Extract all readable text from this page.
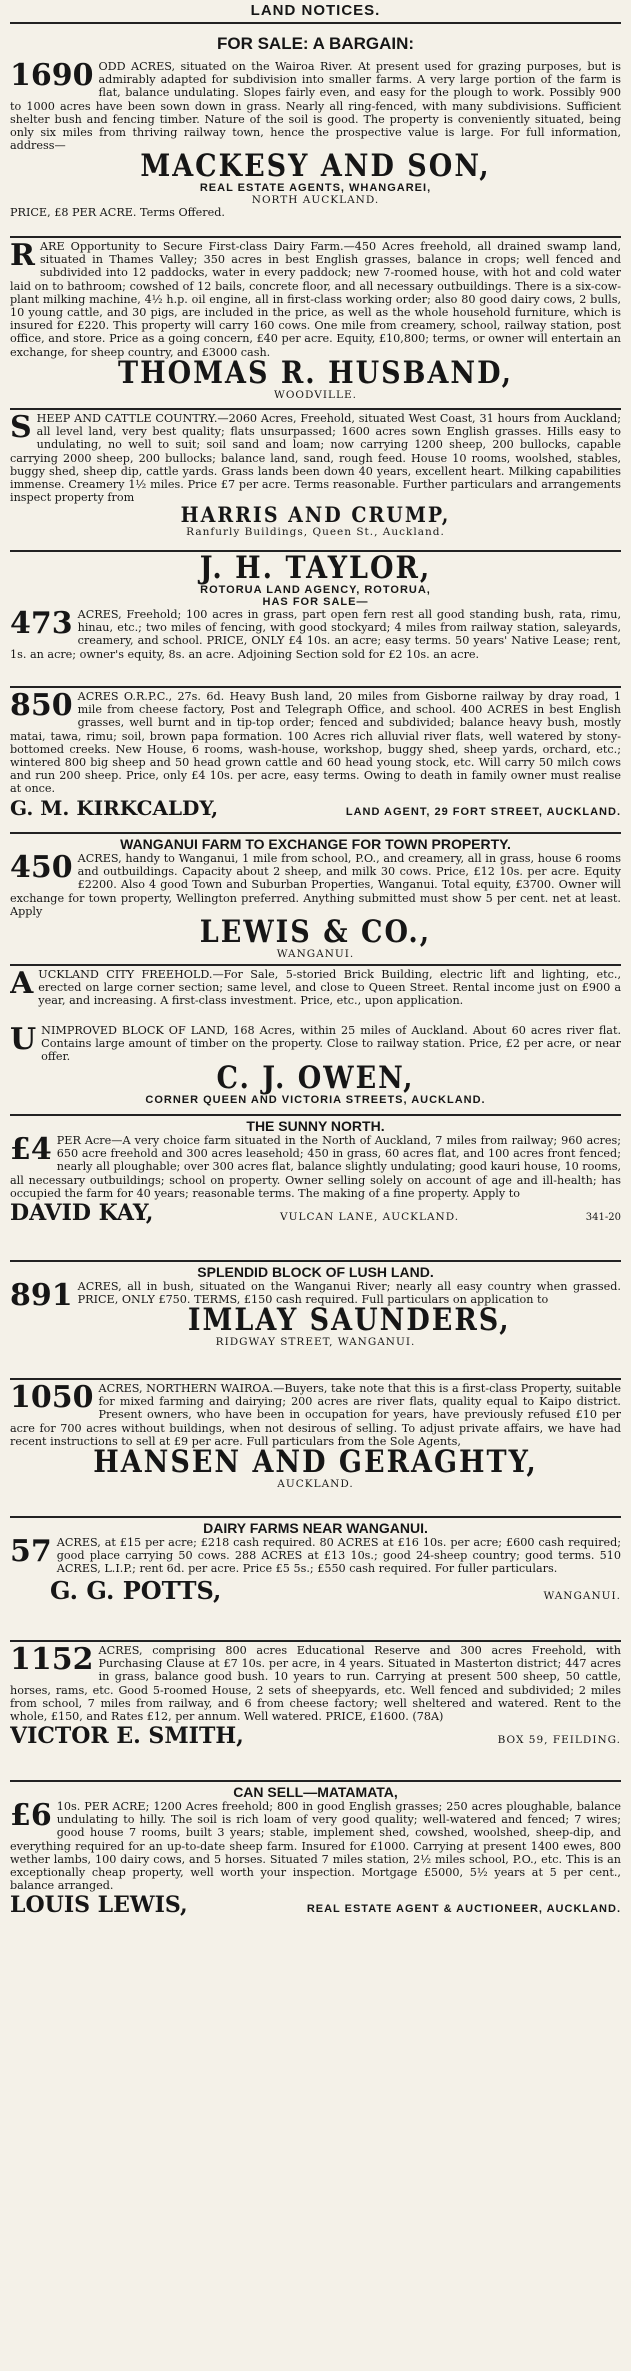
LAND NOTICES.
FOR SALE: A BARGAIN:

1690 ODD ACRES, situated on the Wairoa River. At present used for grazing purposes, but is admirably adapted for subdivision into smaller farms. A very large portion of the farm is flat, balance undulating. Slopes fairly even, and easy for the plough to work. Possibly 900 to 1000 acres have been sown down in grass. Nearly all ring-fenced, with many subdivisions. Sufficient shelter bush and fencing timber. Nature of the soil is good. The property is conveniently situated, being only six miles from thriving railway town, hence the prospective value is large. For full information, address—

MACKESY AND SON,
REAL ESTATE AGENTS, WHANGAREI,
NORTH AUCKLAND.

PRICE, £8 PER ACRE. Terms Offered.

RARE Opportunity to Secure First-class Dairy Farm.—450 Acres freehold, all drained swamp land, situated in Thames Valley; 350 acres in best English grasses, balance in crops; well fenced and subdivided into 12 paddocks, water in every paddock; new 7-roomed house, with hot and cold water laid on to bathroom; cowshed of 12 bails, concrete floor, and all necessary outbuildings. There is a six-cow-plant milking machine, 4½ h.p. oil engine, all in first-class working order; also 80 good dairy cows, 2 bulls, 10 young cattle, and 30 pigs, are included in the price, as well as the whole household furniture, which is insured for £220. This property will carry 160 cows. One mile from creamery, school, railway station, post office, and store. Price as a going concern, £40 per acre. Equity, £10,800; terms, or owner will entertain an exchange, for sheep country, and £3000 cash.

THOMAS R. HUSBAND,
WOODVILLE.

SHEEP AND CATTLE COUNTRY.—2060 Acres, Freehold, situated West Coast, 31 hours from Auckland; all level land, very best quality; flats unsurpassed; 1600 acres sown English grasses. Hills easy to undulating, no well to suit; soil sand and loam; now carrying 1200 sheep, 200 bullocks, capable carrying 2000 sheep, 200 bullocks; balance land, sand, rough feed. House 10 rooms, woolshed, stables, buggy shed, sheep dip, cattle yards. Grass lands been down 40 years, excellent heart. Milking capabilities immense. Creamery 1½ miles. Price £7 per acre. Terms reasonable. Further particulars and arrangements inspect property from

HARRIS AND CRUMP,
Ranfurly Buildings, Queen St., Auckland.
J. H. TAYLOR,
ROTORUA LAND AGENCY, ROTORUA,
HAS FOR SALE—

473 ACRES, Freehold; 100 acres in grass, part open fern rest all good standing bush, rata, rimu, hinau, etc.; two miles of fencing, with good stockyard; 4 miles from railway station, saleyards, creamery, and school. PRICE, ONLY £4 10s. an acre; easy terms. 50 years' Native Lease; rent, 1s. an acre; owner's equity, 8s. an acre. Adjoining Section sold for £2 10s. an acre.

850 ACRES O.R.P.C., 27s. 6d. Heavy Bush land, 20 miles from Gisborne railway by dray road, 1 mile from cheese factory, Post and Telegraph Office, and school. 400 ACRES in best English grasses, well burnt and in tip-top order; fenced and subdivided; balance heavy bush, mostly matai, tawa, rimu; soil, brown papa formation. 100 Acres rich alluvial river flats, well watered by stony-bottomed creeks. New House, 6 rooms, wash-house, workshop, buggy shed, sheep yards, orchard, etc.; wintered 800 big sheep and 50 head grown cattle and 60 head young stock, etc. Will carry 50 milch cows and run 200 sheep. Price, only £4 10s. per acre, easy terms. Owing to death in family owner must realise at once.

G. M. KIRKCALDY,	LAND AGENT, 29 FORT STREET, AUCKLAND.
WANGANUI FARM TO EXCHANGE FOR TOWN PROPERTY.

450 ACRES, handy to Wanganui, 1 mile from school, P.O., and creamery, all in grass, house 6 rooms and outbuildings. Capacity about 2 sheep, and milk 30 cows. Price, £12 10s. per acre. Equity £2200. Also 4 good Town and Suburban Properties, Wanganui. Total equity, £3700. Owner will exchange for town property, Wellington preferred. Anything submitted must show 5 per cent. net at least. Apply

LEWIS & CO.,
WANGANUI.

AUCKLAND CITY FREEHOLD.—For Sale, 5-storied Brick Building, electric lift and lighting, etc., erected on large corner section; same level, and close to Queen Street. Rental income just on £900 a year, and increasing. A first-class investment. Price, etc., upon application.

UNIMPROVED BLOCK OF LAND, 168 Acres, within 25 miles of Auckland. About 60 acres river flat. Contains large amount of timber on the property. Close to railway station. Price, £2 per acre, or near offer.

C. J. OWEN,
CORNER QUEEN AND VICTORIA STREETS, AUCKLAND.
THE SUNNY NORTH.

£4 PER Acre—A very choice farm situated in the North of Auckland, 7 miles from railway; 960 acres; 650 acre freehold and 300 acres leasehold; 450 in grass, 60 acres flat, and 100 acres front fenced; nearly all ploughable; over 300 acres flat, balance slightly undulating; good kauri house, 10 rooms, all necessary outbuildings; school on property. Owner selling solely on account of age and ill-health; has occupied the farm for 40 years; reasonable terms. The making of a fine property. Apply to

DAVID KAY,	VULCAN LANE, AUCKLAND.	341-20
SPLENDID BLOCK OF LUSH LAND.

891 ACRES, all in bush, situated on the Wanganui River; nearly all easy country when grassed. PRICE, ONLY £750. TERMS, £150 cash required. Full particulars on application to

IMLAY SAUNDERS,
RIDGWAY STREET, WANGANUI.

1050 ACRES, NORTHERN WAIROA.—Buyers, take note that this is a first-class Property, suitable for mixed farming and dairying; 200 acres are river flats, quality equal to Kaipo district. Present owners, who have been in occupation for years, have previously refused £10 per acre for 700 acres without buildings, when not desirous of selling. To adjust private affairs, we have had recent instructions to sell at £9 per acre. Full particulars from the Sole Agents,

HANSEN AND GERAGHTY,
AUCKLAND.
DAIRY FARMS NEAR WANGANUI.

57 ACRES, at £15 per acre; £218 cash required. 80 ACRES at £16 10s. per acre; £600 cash required; good place carrying 50 cows. 288 ACRES at £13 10s.; good 24-sheep country; good terms. 510 ACRES, L.I.P.; rent 6d. per acre. Price £5 5s.; £550 cash required. For fuller particulars.

G. G. POTTS,	WANGANUI.

1152 ACRES, comprising 800 acres Educational Reserve and 300 acres Freehold, with Purchasing Clause at £7 10s. per acre, in 4 years. Situated in Masterton district; 447 acres in grass, balance good bush. 10 years to run. Carrying at present 500 sheep, 50 cattle, horses, rams, etc. Good 5-roomed House, 2 sets of sheepyards, etc. Well fenced and subdivided; 2 miles from school, 7 miles from railway, and 6 from cheese factory; well sheltered and watered. Rent to the whole, £150, and Rates £12, per annum. Well watered. PRICE, £1600. (78A)

VICTOR E. SMITH,	BOX 59, FEILDING.
CAN SELL—MATAMATA,

£6 10s. PER ACRE; 1200 Acres freehold; 800 in good English grasses; 250 acres ploughable, balance undulating to hilly. The soil is rich loam of very good quality; well-watered and fenced; 7 wires; good house 7 rooms, built 3 years; stable, implement shed, cowshed, woolshed, sheep-dip, and everything required for an up-to-date sheep farm. Insured for £1000. Carrying at present 1400 ewes, 800 wether lambs, 100 dairy cows, and 5 horses. Situated 7 miles station, 2½ miles school, P.O., etc. This is an exceptionally cheap property, well worth your inspection. Mortgage £5000, 5½ years at 5 per cent., balance arranged.

LOUIS LEWIS,	REAL ESTATE AGENT & AUCTIONEER, AUCKLAND.
